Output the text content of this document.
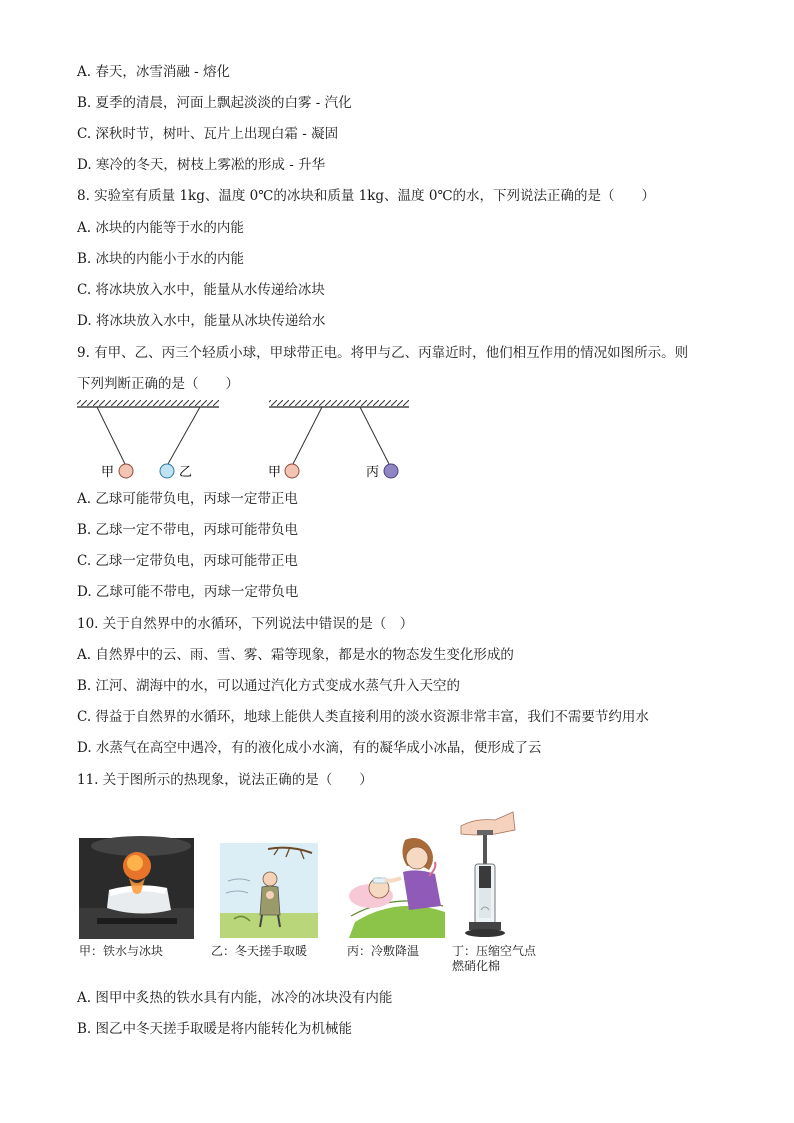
A. 春天，冰雪消融 - 熔化
B. 夏季的清晨，河面上飘起淡淡的白雾 - 汽化
C. 深秋时节，树叶、瓦片上出现白霜 - 凝固
D. 寒冷的冬天，树枝上雾凇的形成 - 升华
8. 实验室有质量 1kg、温度 0℃的冰块和质量 1kg、温度 0℃的水，下列说法正确的是（　　）
A. 冰块的内能等于水的内能
B. 冰块的内能小于水的内能
C. 将冰块放入水中，能量从水传递给冰块
D. 将冰块放入水中，能量从冰块传递给水
9. 有甲、乙、丙三个轻质小球，甲球带正电。将甲与乙、丙靠近时，他们相互作用的情况如图所示。则
下列判断正确的是（　　）
甲	乙	甲	丙
A. 乙球可能带负电，丙球一定带正电
B. 乙球一定不带电，丙球可能带负电
C. 乙球一定带负电，丙球可能带正电
D. 乙球可能不带电，丙球一定带负电
10. 关于自然界中的水循环，下列说法中错误的是（　）
A. 自然界中的云、雨、雪、雾、霜等现象，都是水的物态发生变化形成的
B. 江河、湖海中的水，可以通过汽化方式变成水蒸气升入天空的
C. 得益于自然界的水循环，地球上能供人类直接利用的淡水资源非常丰富，我们不需要节约用水
D. 水蒸气在高空中遇冷，有的液化成小水滴，有的凝华成小冰晶，便形成了云
11. 关于图所示的热现象，说法正确的是（　　）
甲：铁水与冰块	乙：冬天搓手取暖	丙：冷敷降温	丁：压缩空气点
燃硝化棉
A. 图甲中炙热的铁水具有内能，冰冷的冰块没有内能
B. 图乙中冬天搓手取暖是将内能转化为机械能
